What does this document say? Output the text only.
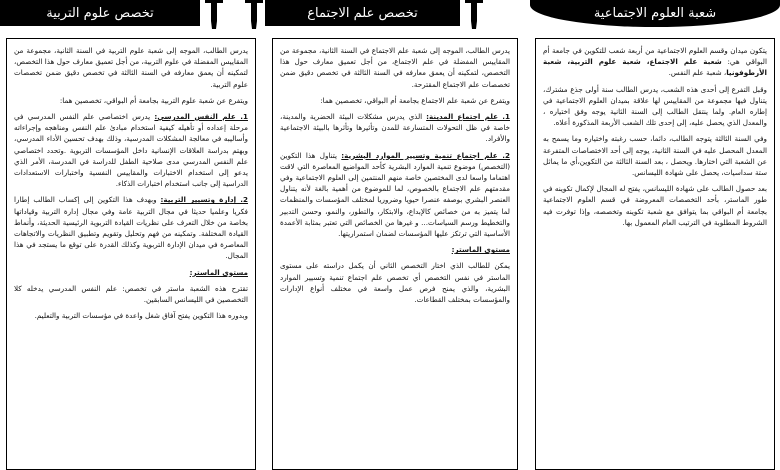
شعبة العلوم الاجتماعية
تخصص علم الاجتماع
تخصص علوم التربية

يتكون ميدان وقسم العلوم الاجتماعية من أربعة شعب للتكوين في جامعة أم البواقي هي: شعبة علم الاجتماع، شعبة علوم التربية، شعبة الأرطوفونيا، شعبة علم النفس.

وقبل التفرع إلى أحدى هذه الشعب، يدرس الطالب سنة أولى جذع مشترك، يتناول فيها مجموعة من المقاييس لها علاقة بميدان العلوم الاجتماعية في إطاره العام. ولما ينتقل الطالب إلى السنة الثانية يوجه وفق اختياره ، والمعدل الذي يحصل عليه، إلى إحدى تلك الشعب الأربعة المذكورة أعلاه.

وفي السنة الثالثة يتوجه الطالب، دائما، حسب رغبته واختياره وما يسمح به المعدل المحصل عليه في السنة الثانية، يوجه إلى أحد الاختصاصات المتفرعة عن الشعبة التي اختارها. ويحصل ، بعد السنة الثالثة من التكوين،أي ما يماثل ستة سداسيات، يحصل على شهادة الليسانس.

بعد حصول الطالب على شهادة الليسانس، يفتح له المجال لإكمال تكوينه في طور الماستر، بأحد التخصصات المعروضة في قسم العلوم الاجتماعية بجامعة أم البواقي بما يتوافق مع شعبة تكوينه وتخصصه، وإذا توفرت فيه الشروط المطلوبة في الترتيب العام المعمول بها.

يدرس الطالب، الموجه إلى شعبة علم الاجتماع في السنة الثانية، مجموعة من المقاييس المفضلة في علم الاجتماع، من أجل تعميق معارف حول هذا التخصص، لتمكينه أن يعمق معارفه في السنة الثالثة في تخصص دقيق ضمن تخصصات علم الاجتماع المقترحة.

ويتفرع عن شعبة علم الاجتماع بجامعة أم البواقي، تخصصين هما:

1. علم اجتماع المدينة: الذي يدرس مشكلات البيئة الحضرية والمدينة، خاصة في ظل التحولات المتسارعة للمدن وتأثيرها وتأثرها بالبيئة الاجتماعية والأفراد.

2. علم اجتماع تنمية وتسيير الموارد البشرية: يتناول هذا التكوين (التخصص) موضوع تنمية الموارد البشرية كأحد المواضيع المعاصرة التي لاقت اهتماما واسعا لدى المختصين خاصة منهم المنتمين إلى العلوم الاجتماعية وفي مقدمتهم علم الاجتماع بالخصوص، لما للموضوع من أهمية بالغة لأنه يتناول العنصر البشري بوصفه عنصرا حيويا وضروريا لمختلف المؤسسات والمنظمات لما يتميز به من خصائص كالإبداع، والابتكار، والتطور، والنمو، وحسن التدبير والتخطيط ورسم السياسات... و غيرها من الخصائص التي تعتبر بمثابة الأعمدة الأساسية التي ترتكز عليها المؤسسات لضمان استمراريتها.

مستوى الماستر:

يمكن للطالب الذي اختار التخصص الثاني أن يكمل دراسته على مستوى الماستر في نفس التخصص أي تخصص علم اجتماع تنمية وتسيير الموارد البشرية، والذي يمنح فرص عمل واسعة في مختلف أنواع الإدارات والمؤسسات بمختلف القطاعات.

يدرس الطالب، الموجه إلى شعبة علوم التربية في السنة الثانية، مجموعة من المقاييس المفضلة في علوم التربية، من أجل تعميق معارف حول هذا التخصص، لتمكينه أن يعمق معارفه في السنة الثالثة في تخصص دقيق ضمن تخصصات علوم التربية.

ويتفرع عن شعبة علوم التربية بجامعة أم البواقي، تخصصين هما:

1. علم النفس المدرسي: يدرس اختصاصي علم النفس المدرسي في مرحلة إعداده أو تأهيله كيفية استخدام مبادئ علم النفس ومناهجه وإجراءاته وأساليبه في معالجة المشكلات المدرسية، وذلك بهدف تحسين الأداء المدرسي، وبهتم بدراسة العلاقات الإنسانية داخل المؤسسات التربوية .وتحدد اختصاصي علم النفس المدرسي مدى صلاحية الطفل للدراسة في المدرسة، الأمر الذي يدعو إلى استخدام الاختبارات والمقاييس النفسية واختبارات الاستعدادات الدراسية إلى جانب استخدام اختبارات الذكاء.

2. إدارة وتسيير التربية: وبهدف هذا التكوين إلى إكساب الطالب إطارا فكريا وعلميا حديثا في مجال التربية عامة وفي مجال إدارة التربية وقياداتها بخاصة من خلال التعرف على نظريات القيادة التربوية الرئيسية الحديثة، وأنماط القيادة المختلفة. وتمكينه من فهم وتحليل وتقويم وتطبيق النظريات والاتجاهات المعاصرة في ميدان الإدارة التربوية وكذلك القدرة على توقع ما يستجد في هذا المجال.

مستوى الماستر:

تقترح هذه الشعبة ماستر في تخصص: علم النفس المدرسي يدخله كلا التخصصين في الليسانس السابقين.

وبدوره هذا التكوين يفتح آفاق شغل واعدة في مؤسسات التربية والتعليم.
